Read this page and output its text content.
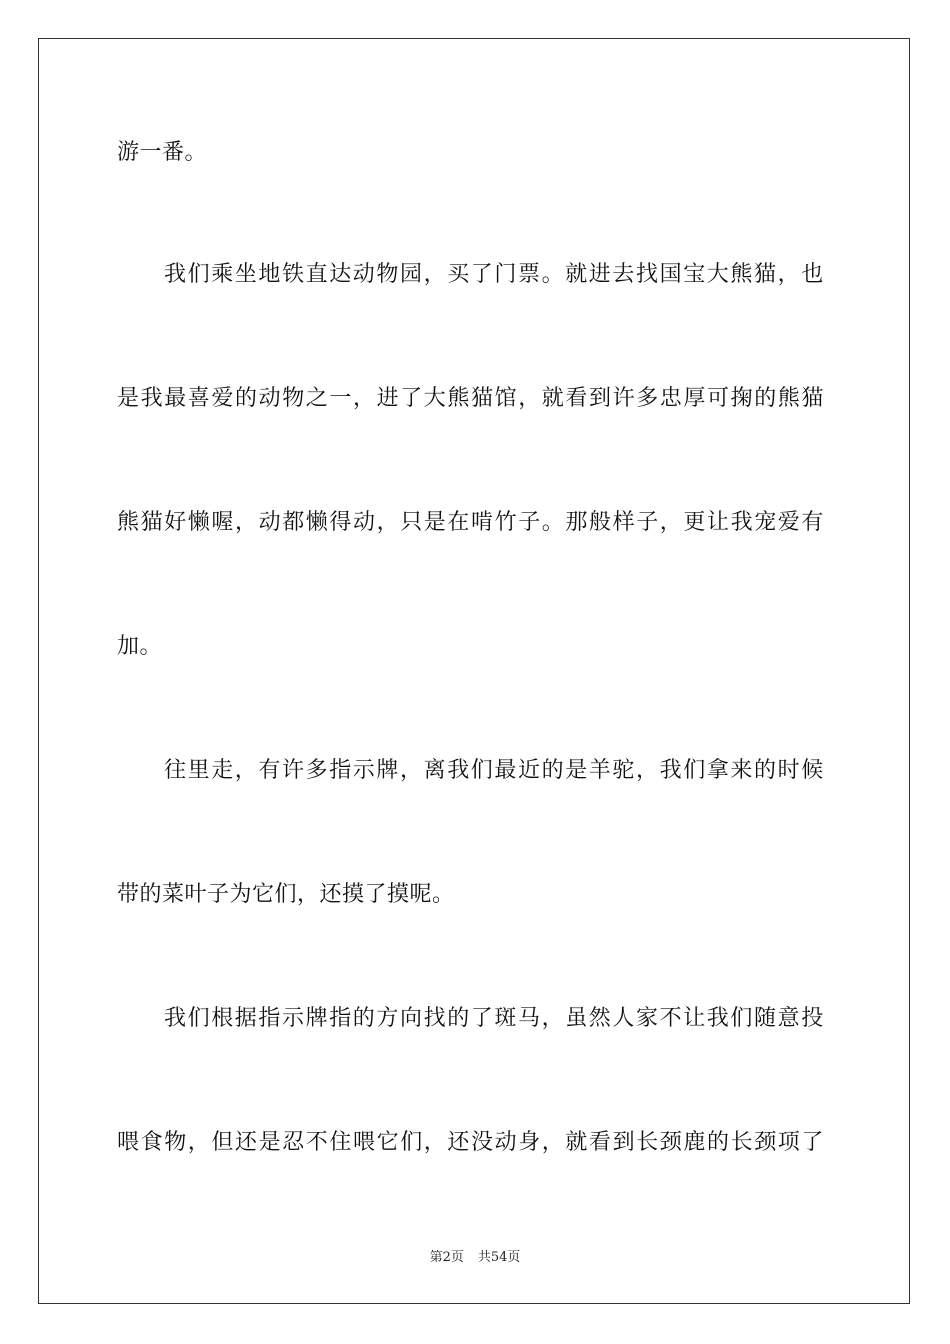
游一番。
我们乘坐地铁直达动物园，买了门票。就进去找国宝大熊猫，也
是我最喜爱的动物之一，进了大熊猫馆，就看到许多忠厚可掬的熊猫
熊猫好懒喔，动都懒得动，只是在啃竹子。那般样子，更让我宠爱有
加。
往里走，有许多指示牌，离我们最近的是羊驼，我们拿来的时候
带的菜叶子为它们，还摸了摸呢。
我们根据指示牌指的方向找的了斑马，虽然人家不让我们随意投
喂食物，但还是忍不住喂它们，还没动身，就看到长颈鹿的长颈项了
第2页 共54页
